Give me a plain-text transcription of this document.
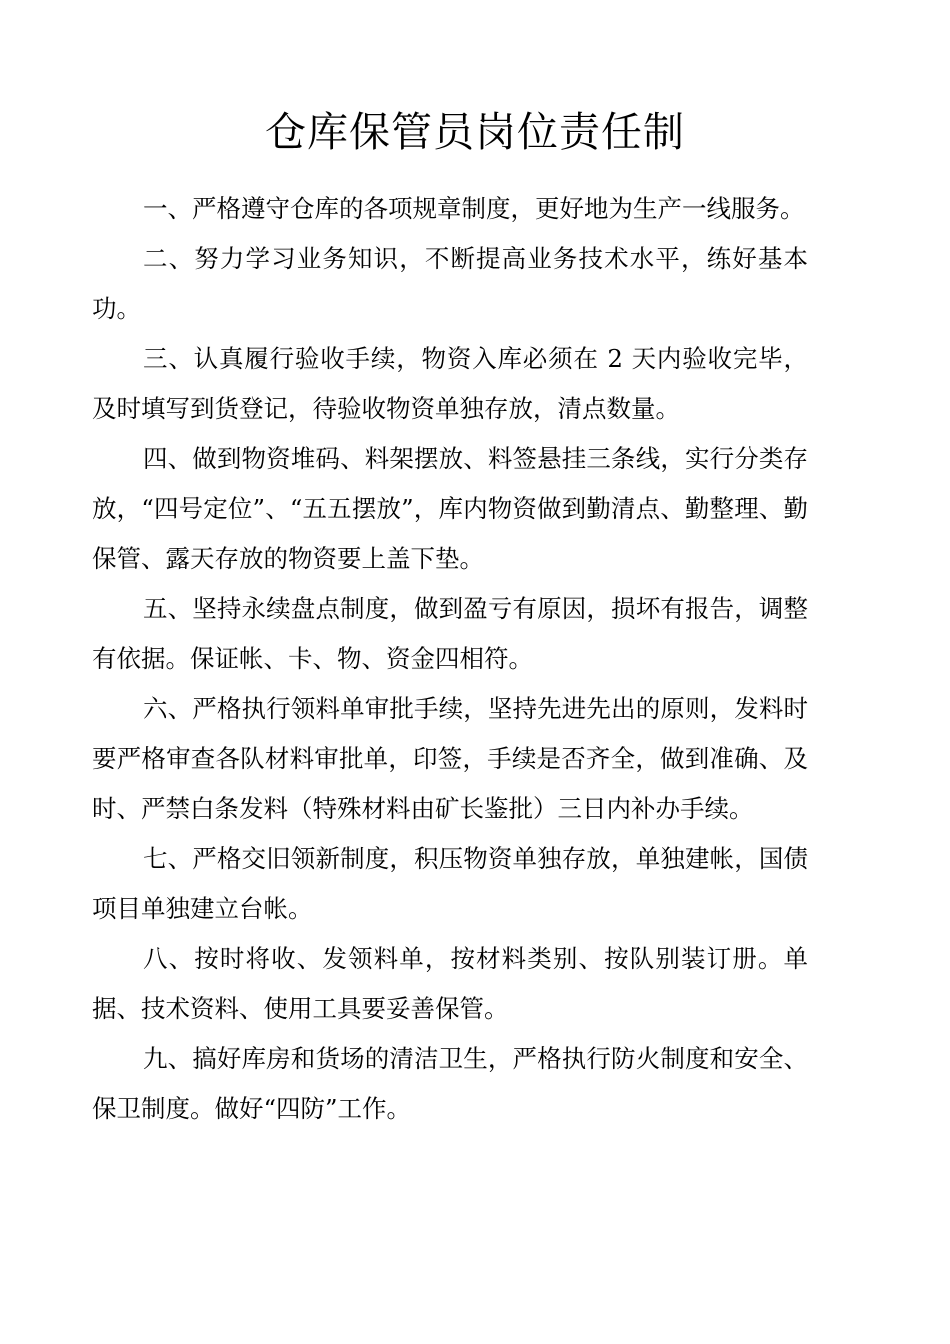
仓库保管员岗位责任制

一、严格遵守仓库的各项规章制度，更好地为生产一线服务。

二、努力学习业务知识，不断提高业务技术水平，练好基本功。

三、认真履行验收手续，物资入库必须在 2 天内验收完毕，及时填写到货登记，待验收物资单独存放，清点数量。

四、做到物资堆码、料架摆放、料签悬挂三条线，实行分类存放，“四号定位”、“五五摆放”，库内物资做到勤清点、勤整理、勤保管、露天存放的物资要上盖下垫。

五、坚持永续盘点制度，做到盈亏有原因，损坏有报告，调整有依据。保证帐、卡、物、资金四相符。

六、严格执行领料单审批手续，坚持先进先出的原则，发料时要严格审查各队材料审批单，印签，手续是否齐全，做到准确、及时、严禁白条发料（特殊材料由矿长鉴批）三日内补办手续。

七、严格交旧领新制度，积压物资单独存放，单独建帐，国债项目单独建立台帐。

八、按时将收、发领料单，按材料类别、按队别装订册。单据、技术资料、使用工具要妥善保管。

九、搞好库房和货场的清洁卫生，严格执行防火制度和安全、保卫制度。做好“四防”工作。
